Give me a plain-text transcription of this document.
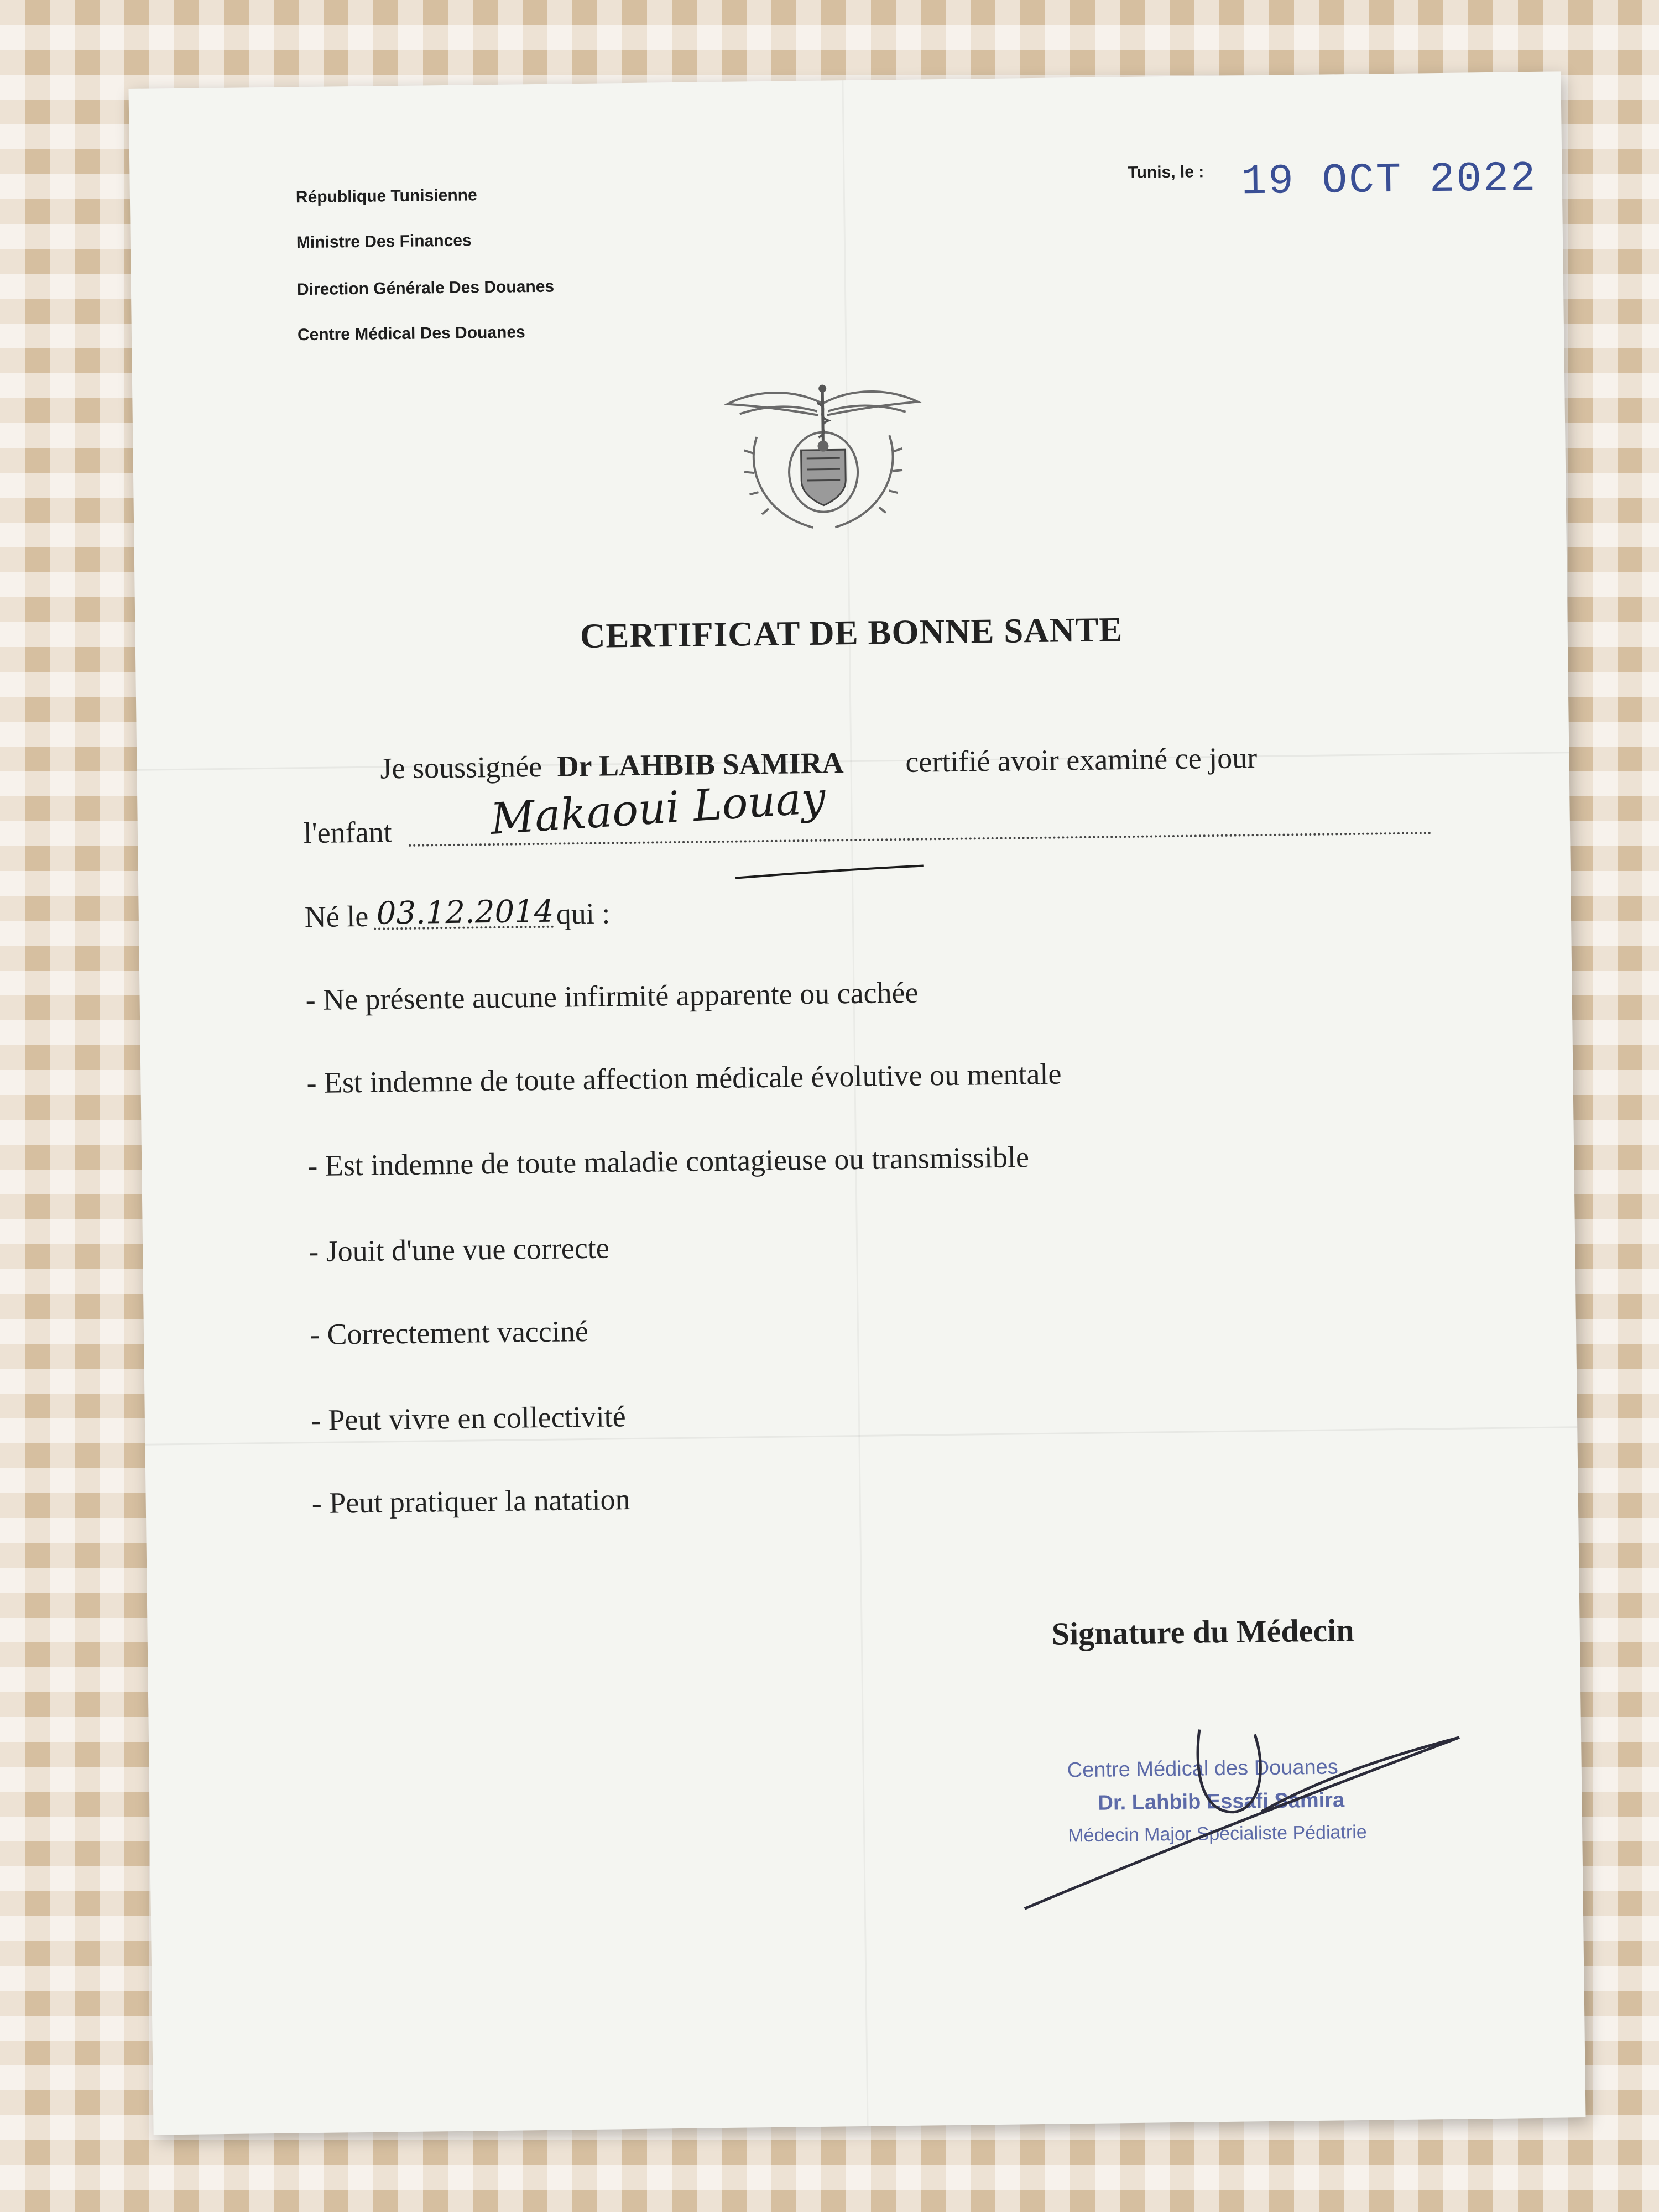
République Tunisienne
Ministre Des Finances
Direction Générale Des Douanes
Centre Médical Des Douanes
Tunis, le : 19 OCT 2022
CERTIFICAT DE BONNE SANTE
Je soussignée Dr LAHBIB SAMIRA certifié avoir examiné ce jour
l'enfant
Né le	qui :
- Ne présente aucune infirmité apparente ou cachée
- Est indemne de toute affection médicale évolutive ou mentale
- Est indemne de toute maladie contagieuse ou transmissible
- Jouit d'une vue correcte
- Correctement vacciné
- Peut vivre en collectivité
- Peut pratiquer la natation
Signature du Médecin
Centre Médical des Douanes
Dr. Lahbib Essafi Samira
Médecin Major Specialiste Pédiatrie
Makaoui Louay
03.12.2014
